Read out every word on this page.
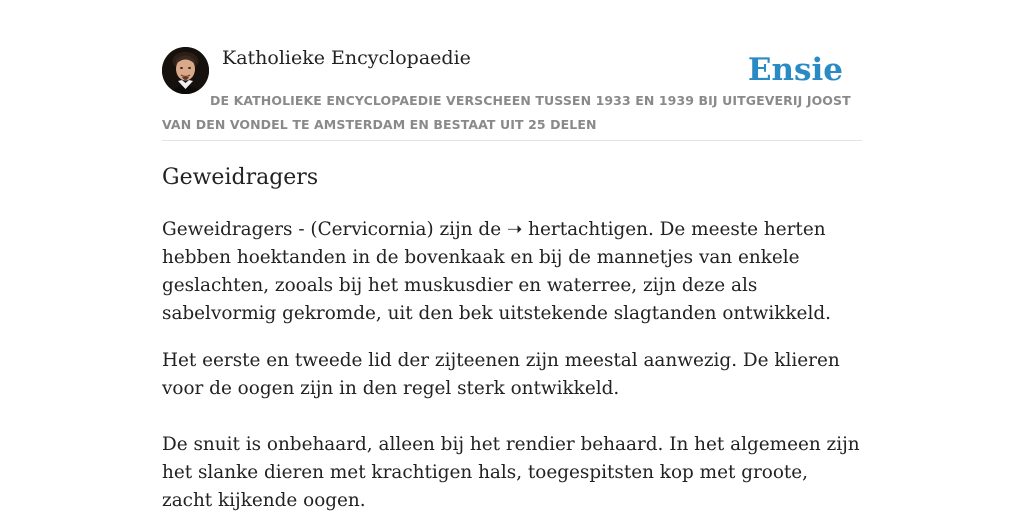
Katholieke Encyclopaedie	Ensie
DE KATHOLIEKE ENCYCLOPAEDIE VERSCHEEN TUSSEN 1933 EN 1939 BIJ UITGEVERIJ JOOST VAN DEN VONDEL TE AMSTERDAM EN BESTAAT UIT 25 DELEN
Geweidragers

Geweidragers - (Cervicornia) zijn de ➝ hertachtigen. De meeste herten hebben hoektanden in de bovenkaak en bij de mannetjes van enkele geslachten, zooals bij het muskusdier en waterree, zijn deze als sabelvormig gekromde, uit den bek uitstekende slagtanden ontwikkeld.

Het eerste en tweede lid der zijteenen zijn meestal aanwezig. De klieren voor de oogen zijn in den regel sterk ontwikkeld.

De snuit is onbehaard, alleen bij het rendier behaard. In het algemeen zijn het slanke dieren met krachtigen hals, toegespitsten kop met groote, zacht kijkende oogen.
